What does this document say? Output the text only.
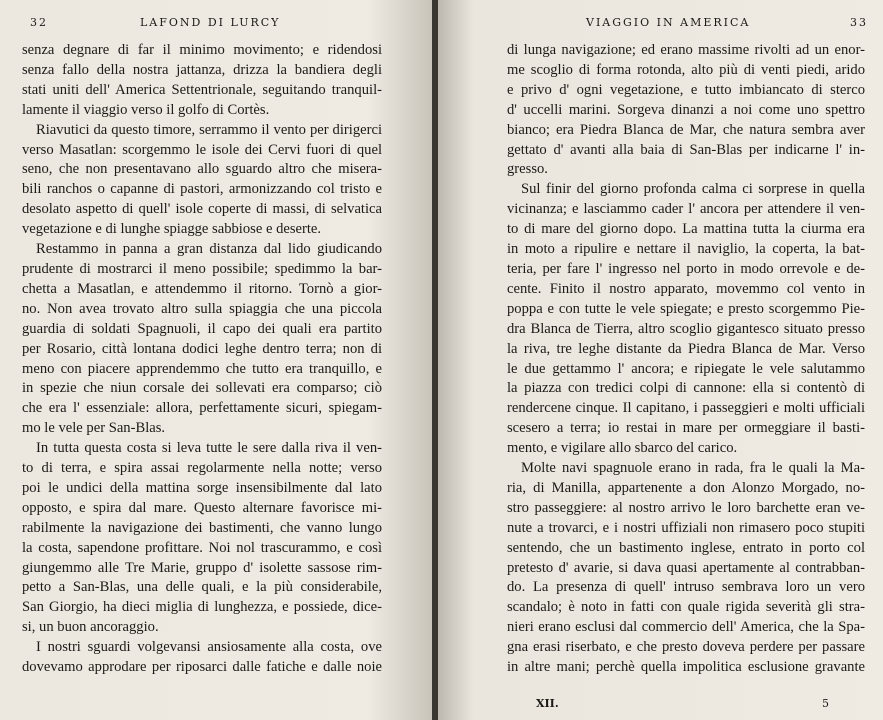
32	LAFOND DI LURCY
senza degnare di far il minimo movimento; e ridendosi
senza fallo della nostra jattanza, drizza la bandiera degli
stati uniti dell' America Settentrionale, seguitando tranquil-
lamente il viaggio verso il golfo di Cortès.
Riavutici da questo timore, serrammo il vento per dirigerci
verso Masatlan: scorgemmo le isole dei Cervi fuori di quel
seno, che non presentavano allo sguardo altro che misera-
bili ranchos o capanne di pastori, armonizzando col tristo e
desolato aspetto di quell' isole coperte di massi, di selvatica
vegetazione e di lunghe spiagge sabbiose e deserte.
Restammo in panna a gran distanza dal lido giudicando
prudente di mostrarci il meno possibile; spedimmo la bar-
chetta a Masatlan, e attendemmo il ritorno. Tornò a gior-
no. Non avea trovato altro sulla spiaggia che una piccola
guardia di soldati Spagnuoli, il capo dei quali era partito
per Rosario, città lontana dodici leghe dentro terra; non di
meno con piacere apprendemmo che tutto era tranquillo, e
in spezie che niun corsale dei sollevati era comparso; ciò
che era l' essenziale: allora, perfettamente sicuri, spiegam-
mo le vele per San-Blas.
In tutta questa costa si leva tutte le sere dalla riva il ven-
to di terra, e spira assai regolarmente nella notte; verso
poi le undici della mattina sorge insensibilmente dal lato
opposto, e spira dal mare. Questo alternare favorisce mi-
rabilmente la navigazione dei bastimenti, che vanno lungo
la costa, sapendone profittare. Noi nol trascurammo, e così
giungemmo alle Tre Marie, gruppo d' isolette sassose rim-
petto a San-Blas, una delle quali, e la più considerabile,
San Giorgio, ha dieci miglia di lunghezza, e possiede, dice-
si, un buon ancoraggio.
I nostri sguardi volgevansi ansiosamente alla costa, ove
dovevamo approdare per riposarci dalle fatiche e dalle noie
VIAGGIO IN AMERICA	33
di lunga navigazione; ed erano massime rivolti ad un enor-
me scoglio di forma rotonda, alto più di venti piedi, arido
e privo d' ogni vegetazione, e tutto imbiancato di sterco
d' uccelli marini. Sorgeva dinanzi a noi come uno spettro
bianco; era Piedra Blanca de Mar, che natura sembra aver
gettato d' avanti alla baia di San-Blas per indicarne l' in-
gresso.
Sul finir del giorno profonda calma ci sorprese in quella
vicinanza; e lasciammo cader l' ancora per attendere il ven-
to di mare del giorno dopo. La mattina tutta la ciurma era
in moto a ripulire e nettare il naviglio, la coperta, la bat-
teria, per fare l' ingresso nel porto in modo orrevole e de-
cente. Finito il nostro apparato, movemmo col vento in
poppa e con tutte le vele spiegate; e presto scorgemmo Pie-
dra Blanca de Tierra, altro scoglio gigantesco situato presso
la riva, tre leghe distante da Piedra Blanca de Mar. Verso
le due gettammo l' ancora; e ripiegate le vele salutammo
la piazza con tredici colpi di cannone: ella si contentò di
rendercene cinque. Il capitano, i passeggieri e molti ufficiali
scesero a terra; io restai in mare per ormeggiare il basti-
mento, e vigilare allo sbarco del carico.
Molte navi spagnuole erano in rada, fra le quali la Ma-
ria, di Manilla, appartenente a don Alonzo Morgado, no-
stro passeggiere: al nostro arrivo le loro barchette eran ve-
nute a trovarci, e i nostri uffiziali non rimasero poco stupiti
sentendo, che un bastimento inglese, entrato in porto col
pretesto d' avarie, si dava quasi apertamente al contrabban-
do. La presenza di quell' intruso sembrava loro un vero
scandalo; è noto in fatti con quale rigida severità gli stra-
nieri erano esclusi dal commercio dell' America, che la Spa-
gna erasi riserbato, e che presto doveva perdere per passare
in altre mani; perchè quella impolitica esclusione gravante
XII.	5
